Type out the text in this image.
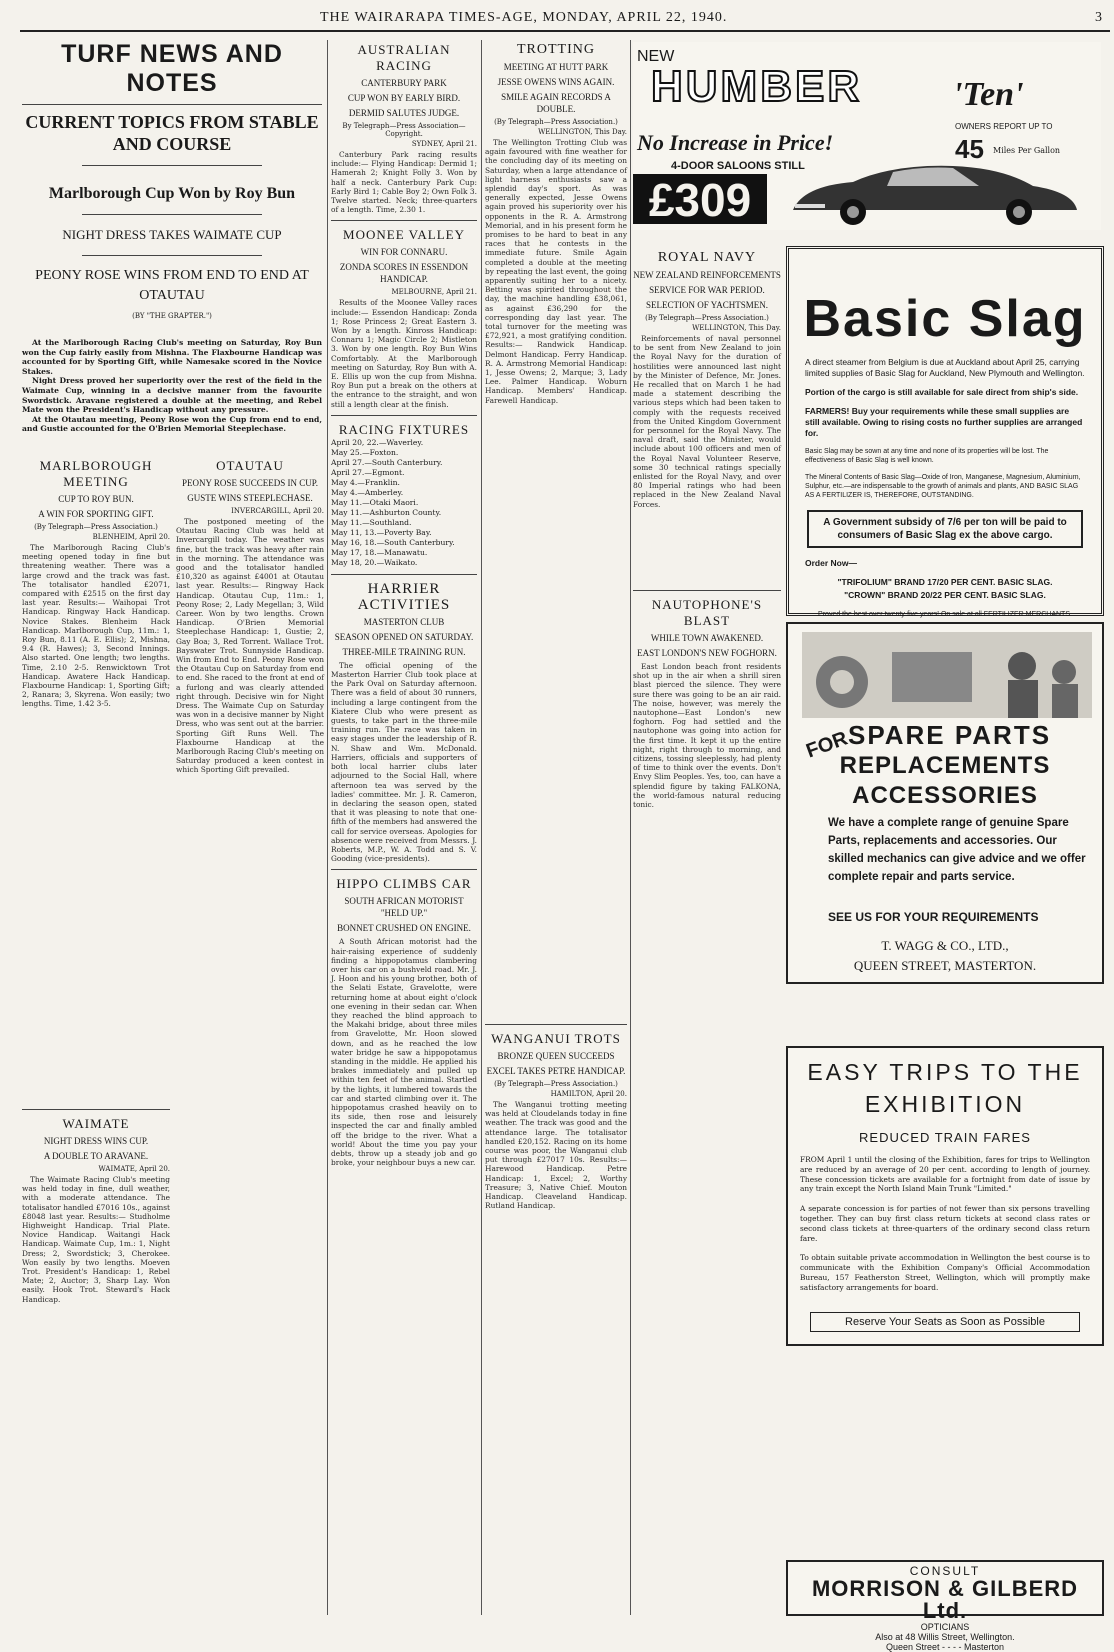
THE WAIRARAPA TIMES-AGE, MONDAY, APRIL 22, 1940.	3
TURF NEWS AND NOTES
CURRENT TOPICS FROM STABLE AND COURSE
Marlborough Cup Won by Roy Bun
NIGHT DRESS TAKES WAIMATE CUP
PEONY ROSE WINS FROM END TO END AT OTAUTAU
(BY "THE GRAPTER.")
At the Marlborough Racing Club's meeting on Saturday, Roy Bun won the Cup fairly easily from Mishna. The Flaxbourne Handicap was accounted for by Sporting Gift, while Namesake scored in the Novice Stakes.
Night Dress proved her superiority over the rest of the field in the Waimate Cup, winning in a decisive manner from the favourite Swordstick. Aravane registered a double at the meeting, and Rebel Mate won the President's Handicap without any pressure.
At the Otautau meeting, Peony Rose won the Cup from end to end, and Gustie accounted for the O'Brien Memorial Steeplechase.
MARLBOROUGH MEETING
CUP TO ROY BUN.
A WIN FOR SPORTING GIFT.
(By Telegraph—Press Association.)
BLENHEIM, April 20.
The Marlborough Racing Club's meeting opened today in fine but threatening weather. There was a large crowd and the track was fast. The totalisator handled £2071, compared with £2515 on the first day last year. Results:— Waihopai Trot Handicap. Ringway Hack Handicap. Novice Stakes. Blenheim Hack Handicap. Marlborough Cup, 11m.: 1, Roy Bun, 8.11 (A. E. Ellis); 2, Mishna, 9.4 (R. Hawes); 3, Second Innings. Also started. One length; two lengths. Time, 2.10 2-5. Renwicktown Trot Handicap. Awatere Hack Handicap. Flaxbourne Handicap: 1, Sporting Gift; 2, Ranara; 3, Skyrena. Won easily; two lengths. Time, 1.42 3-5.
WAIMATE
NIGHT DRESS WINS CUP.
A DOUBLE TO ARAVANE.
WAIMATE, April 20.
The Waimate Racing Club's meeting was held today in fine, dull weather, with a moderate attendance. The totalisator handled £7016 10s., against £8048 last year. Results:— Studholme Highweight Handicap. Trial Plate. Novice Handicap. Waitangi Hack Handicap. Waimate Cup, 1m.: 1, Night Dress; 2, Swordstick; 3, Cherokee. Won easily by two lengths. Moeven Trot. President's Handicap: 1, Rebel Mate; 2, Auctor; 3, Sharp Lay. Won easily. Hook Trot. Steward's Hack Handicap.
OTAUTAU
PEONY ROSE SUCCEEDS IN CUP.
GUSTE WINS STEEPLECHASE.
INVERCARGILL, April 20.
The postponed meeting of the Otautau Racing Club was held at Invercargill today. The weather was fine, but the track was heavy after rain in the morning. The attendance was good and the totalisator handled £10,320 as against £4001 at Otautau last year. Results:— Ringway Hack Handicap. Otautau Cup, 11m.: 1, Peony Rose; 2, Lady Megellan; 3, Wild Career. Won by two lengths. Crown Handicap. O'Brien Memorial Steeplechase Handicap: 1, Gustie; 2, Gay Boa; 3, Red Torrent. Wallace Trot. Bayswater Trot. Sunnyside Handicap. Win from End to End. Peony Rose won the Otautau Cup on Saturday from end to end. She raced to the front at end of a furlong and was clearly attended right through. Decisive win for Night Dress. The Waimate Cup on Saturday was won in a decisive manner by Night Dress, who was sent out at the barrier. Sporting Gift Runs Well. The Flaxbourne Handicap at the Marlborough Racing Club's meeting on Saturday produced a keen contest in which Sporting Gift prevailed.
AUSTRALIAN RACING
CANTERBURY PARK
CUP WON BY EARLY BIRD.
DERMID SALUTES JUDGE.
By Telegraph—Press Association—Copyright.
SYDNEY, April 21.
Canterbury Park racing results include:— Flying Handicap: Dermid 1; Hamerah 2; Knight Folly 3. Won by half a neck. Canterbury Park Cup: Early Bird 1; Cable Boy 2; Own Folk 3. Twelve started. Neck; three-quarters of a length. Time, 2.30 1.
MOONEE VALLEY
WIN FOR CONNARU.
ZONDA SCORES IN ESSENDON HANDICAP.
MELBOURNE, April 21.
Results of the Moonee Valley races include:— Essendon Handicap: Zonda 1; Rose Princess 2; Great Eastern 3. Won by a length. Kinross Handicap: Connaru 1; Magic Circle 2; Mistleton 3. Won by one length. Roy Bun Wins Comfortably. At the Marlborough meeting on Saturday, Roy Bun with A. E. Ellis up won the cup from Mishna. Roy Bun put a break on the others at the entrance to the straight, and won still a length clear at the finish.
RACING FIXTURES
April 20, 22.—Waverley.
May 25.—Foxton.
April 27.—South Canterbury.
April 27.—Egmont.
May 4.—Franklin.
May 4.—Amberley.
May 11.—Otaki Maori.
May 11.—Ashburton County.
May 11.—Southland.
May 11, 13.—Poverty Bay.
May 16, 18.—South Canterbury.
May 17, 18.—Manawatu.
May 18, 20.—Waikato.
HARRIER ACTIVITIES
MASTERTON CLUB
SEASON OPENED ON SATURDAY.
THREE-MILE TRAINING RUN.
The official opening of the Masterton Harrier Club took place at the Park Oval on Saturday afternoon. There was a field of about 30 runners, including a large contingent from the Kiatere Club who were present as guests, to take part in the three-mile training run. The race was taken in easy stages under the leadership of R. N. Shaw and Wm. McDonald. Harriers, officials and supporters of both local harrier clubs later adjourned to the Social Hall, where afternoon tea was served by the ladies' committee. Mr. J. R. Cameron, in declaring the season open, stated that it was pleasing to note that one-fifth of the members had answered the call for service overseas. Apologies for absence were received from Messrs. J. Roberts, M.P., W. A. Todd and S. V. Gooding (vice-presidents).
HIPPO CLIMBS CAR
SOUTH AFRICAN MOTORIST "HELD UP."
BONNET CRUSHED ON ENGINE.
A South African motorist had the hair-raising experience of suddenly finding a hippopotamus clambering over his car on a bushveld road. Mr. J. J. Hoon and his young brother, both of the Selati Estate, Gravelotte, were returning home at about eight o'clock one evening in their sedan car. When they reached the blind approach to the Makahi bridge, about three miles from Gravelotte, Mr. Hoon slowed down, and as he reached the low water bridge he saw a hippopotamus standing in the middle. He applied his brakes immediately and pulled up within ten feet of the animal. Startled by the lights, it lumbered towards the car and started climbing over it. The hippopotamus crashed heavily on to its side, then rose and leisurely inspected the car and finally ambled off the bridge to the river. What a world! About the time you pay your debts, throw up a steady job and go broke, your neighbour buys a new car.
TROTTING
MEETING AT HUTT PARK
JESSE OWENS WINS AGAIN.
SMILE AGAIN RECORDS A DOUBLE.
(By Telegraph—Press Association.)
WELLINGTON, This Day.
The Wellington Trotting Club was again favoured with fine weather for the concluding day of its meeting on Saturday, when a large attendance of light harness enthusiasts saw a splendid day's sport. As was generally expected, Jesse Owens again proved his superiority over his opponents in the R. A. Armstrong Memorial, and in his present form he promises to be hard to beat in any races that he contests in the immediate future. Smile Again completed a double at the meeting by repeating the last event, the going apparently suiting her to a nicety. Betting was spirited throughout the day, the machine handling £38,061, as against £36,290 for the corresponding day last year. The total turnover for the meeting was £72,921, a most gratifying condition. Results:— Randwick Handicap. Delmont Handicap. Ferry Handicap. R. A. Armstrong Memorial Handicap: 1, Jesse Owens; 2, Marque; 3, Lady Lee. Palmer Handicap. Woburn Handicap. Members' Handicap. Farewell Handicap.
WANGANUI TROTS
BRONZE QUEEN SUCCEEDS
EXCEL TAKES PETRE HANDICAP.
(By Telegraph—Press Association.)
HAMILTON, April 20.
The Wanganui trotting meeting was held at Cloudelands today in fine weather. The track was good and the attendance large. The totalisator handled £20,152. Racing on its home course was poor, the Wanganui club put through £27017 10s. Results:— Harewood Handicap. Petre Handicap: 1, Excel; 2, Worthy Treasure; 3, Native Chief. Mouton Handicap. Cleaveland Handicap. Rutland Handicap.
NEW
HUMBER	'Ten'
No Increase in Price!
OWNERS REPORT UP TO
45 Miles Per Gallon
4-DOOR SALOONS STILL
£309
ROYAL NAVY
NEW ZEALAND REINFORCEMENTS
SERVICE FOR WAR PERIOD.
SELECTION OF YACHTSMEN.
(By Telegraph—Press Association.)
WELLINGTON, This Day.
Reinforcements of naval personnel to be sent from New Zealand to join the Royal Navy for the duration of hostilities were announced last night by the Minister of Defence, Mr. Jones. He recalled that on March 1 he had made a statement describing the various steps which had been taken to comply with the requests received from the United Kingdom Government for personnel for the Royal Navy. The naval draft, said the Minister, would include about 100 officers and men of the Royal Naval Volunteer Reserve, some 30 technical ratings specially enlisted for the Royal Navy, and over 80 Imperial ratings who had been replaced in the New Zealand Naval Forces.
NAUTOPHONE'S BLAST
WHILE TOWN AWAKENED.
EAST LONDON'S NEW FOGHORN.
East London beach front residents shot up in the air when a shrill siren blast pierced the silence. They were sure there was going to be an air raid. The noise, however, was merely the nautophone—East London's new foghorn. Fog had settled and the nautophone was going into action for the first time. It kept it up the entire night, right through to morning, and citizens, tossing sleeplessly, had plenty of time to think over the events. Don't Envy Slim Peoples. Yes, too, can have a splendid figure by taking FALKONA, the world-famous natural reducing tonic.
Basic Slag
A direct steamer from Belgium is due at Auckland about April 25, carrying limited supplies of Basic Slag for Auckland, New Plymouth and Wellington.
Portion of the cargo is still available for sale direct from ship's side.
FARMERS! Buy your requirements while these small supplies are still available. Owing to rising costs no further supplies are arranged for.
Basic Slag may be sown at any time and none of its properties will be lost. The effectiveness of Basic Slag is well known.
The Mineral Contents of Basic Slag—Oxide of Iron, Manganese, Magnesium, Aluminium, Sulphur, etc.—are indispensable to the growth of animals and plants, AND BASIC SLAG AS A FERTILIZER IS, THEREFORE, OUTSTANDING.
A Government subsidy of 7/6 per ton will be paid to consumers of Basic Slag ex the above cargo.
Order Now—
"TRIFOLIUM" BRAND 17/20 PER CENT. BASIC SLAG.
"CROWN" BRAND 20/22 PER CENT. BASIC SLAG.
Proved the best over twenty-five years! On sale at all FERTILIZER MERCHANTS.
FOR
SPARE PARTS
REPLACEMENTS
ACCESSORIES
We have a complete range of genuine Spare Parts, replacements and accessories. Our skilled mechanics can give advice and we offer complete repair and parts service.
SEE US FOR YOUR REQUIREMENTS
T. WAGG & CO., LTD.,
QUEEN STREET, MASTERTON.
EASY TRIPS TO THE EXHIBITION
REDUCED TRAIN FARES
FROM April 1 until the closing of the Exhibition, fares for trips to Wellington are reduced by an average of 20 per cent. according to length of journey. These concession tickets are available for a fortnight from date of issue by any train except the North Island Main Trunk "Limited."
A separate concession is for parties of not fewer than six persons travelling together. They can buy first class return tickets at second class rates or second class tickets at three-quarters of the ordinary second class return fare.
To obtain suitable private accommodation in Wellington the best course is to communicate with the Exhibition Company's Official Accommodation Bureau, 157 Featherston Street, Wellington, which will promptly make satisfactory arrangements for board.
Reserve Your Seats as Soon as Possible
CONSULT
MORRISON & GILBERD Ltd.
OPTICIANS
Also at 48 Willis Street, Wellington.
Queen Street - - - - Masterton
